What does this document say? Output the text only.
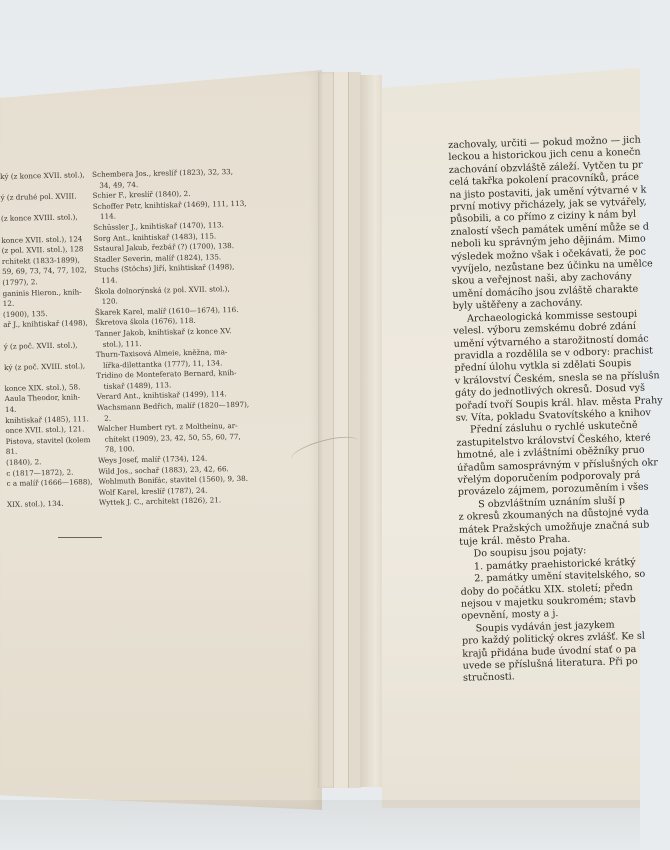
ký (z konce XVII. stol.),

ý (z druhé pol. XVIII.

(z konce XVIII. stol.),

konce XVII. stol.), 124
(z pol. XVII. stol.), 128
rchitekt (1833-1899),
59, 69, 73, 74, 77, 102,
(1797), 2.
ganinis Hieron., knih-
12.
(1900), 135.
ař J., knihtiskař (1498),

ý (z poč. XVII. stol.),

ký (z poč. XVIII. stol.),

konce XIX. stol.), 58.
Aaula Theodor, knih-
14.
knihtiskař (1485), 111.
once XVII. stol.), 121.
Pistova, stavitel (kolem
81.
(1840), 2.
c (1817—1872), 2.
c a malíř (1666—1688),

XIX. stol.), 134.
Schembera Jos., kreslíř (1823), 32, 33,
34, 49, 74.
Schier F., kreslíř (1840), 2.
Schoffer Petr, knihtiskař (1469), 111, 113,
114.
Schüssler J., knihtiskař (1470), 113.
Sorg Ant., knihtiskař (1483), 115.
Sstaural Jakub, řezbář (?) (1700), 138.
Stadler Severin, malíř (1824), 135.
Stuchs (Stöchs) Jiří, knihtiskař (1498),
114.
Škola dolnorýnská (z pol. XVII. stol.),
120.
Škarek Karel, malíř (1610—1674), 116.
Škretova škola (1676), 118.
Tanner Jakob, knihtiskař (z konce XV.
stol.), 111.
Thurn-Taxisová Almeie, kněžna, ma-
lířka-dilettantka (1777), 11, 134.
Tridino de Monteferato Bernard, knih-
tiskař (1489), 113.
Verard Ant., knihtiskař (1499), 114.
Wachsmann Bedřich, malíř (1820—1897),
2.
Walcher Humbert ryt. z Moltheinu, ar-
chitekt (1909), 23, 42, 50, 55, 60, 77,
78, 100.
Weys Josef, malíř (1734), 124.
Wild Jos., sochař (1883), 23, 42, 66.
Wohlmuth Bonifác, stavitel (1560), 9, 38.
Wolf Karel, kreslíř (1787), 24.
Wyttek J. C., architekt (1826), 21.
zachovaly, určiti — pokud možno — jich
leckou a historickou jich cenu a konečn
zachování obzvláště záleží. Vytčen tu pr
celá takřka pokolení pracovníků, práce
na jisto postaviti, jak umění výtvarné v k
první motivy přicházely, jak se vytvářely,
působili, a co přímo z ciziny k nám byl
znalostí všech památek umění může se d
neboli ku správným jeho dějinám. Mimo
výsledek možno však i očekávati, že poc
vyvíjelo, nezůstane bez účinku na umělce
skou a veřejnost naši, aby zachovány
umění domácího jsou zvláště charakte
byly uštěřeny a zachovány.
Archaeologická kommisse sestoupi
velesl. výboru zemskému dobré zdání
umění výtvarného a starožitností domác
pravidla a rozdělila se v odbory: prachist
přední úlohu vytkla si zdělati Soupis
v království Českém, snesla se na příslušn
gáty do jednotlivých okresů. Dosud vyš
pořadí tvoří Soupis král. hlav. města Prahy
sv. Víta, pokladu Svatovítského a knihov
Přední zásluhu o rychlé uskutečně
zastupitelstvo království Českého, které
hmotné, ale i zvláštními oběžníky pruo
úřadům samosprávným v příslušných okr
vřelým doporučením podporovaly prá
provázelo zájmem, porozuměním i všes
S obzvláštním uznáním sluší p
z okresů zkoumaných na důstojné vyda
mátek Pražských umožňuje značná sub
tuje král. město Praha.
Do soupisu jsou pojaty:
1. památky praehistorické krátký
2. památky umění stavitelského, so
doby do počátku XIX. století; předn
nejsou v majetku soukromém; stavb
opevnění, mosty a j.
Soupis vydáván jest jazykem
pro každý politický okres zvlášť. Ke sl
krajů přidána bude úvodní stať o pa
uvede se příslušná literatura. Při po
stručnosti.
